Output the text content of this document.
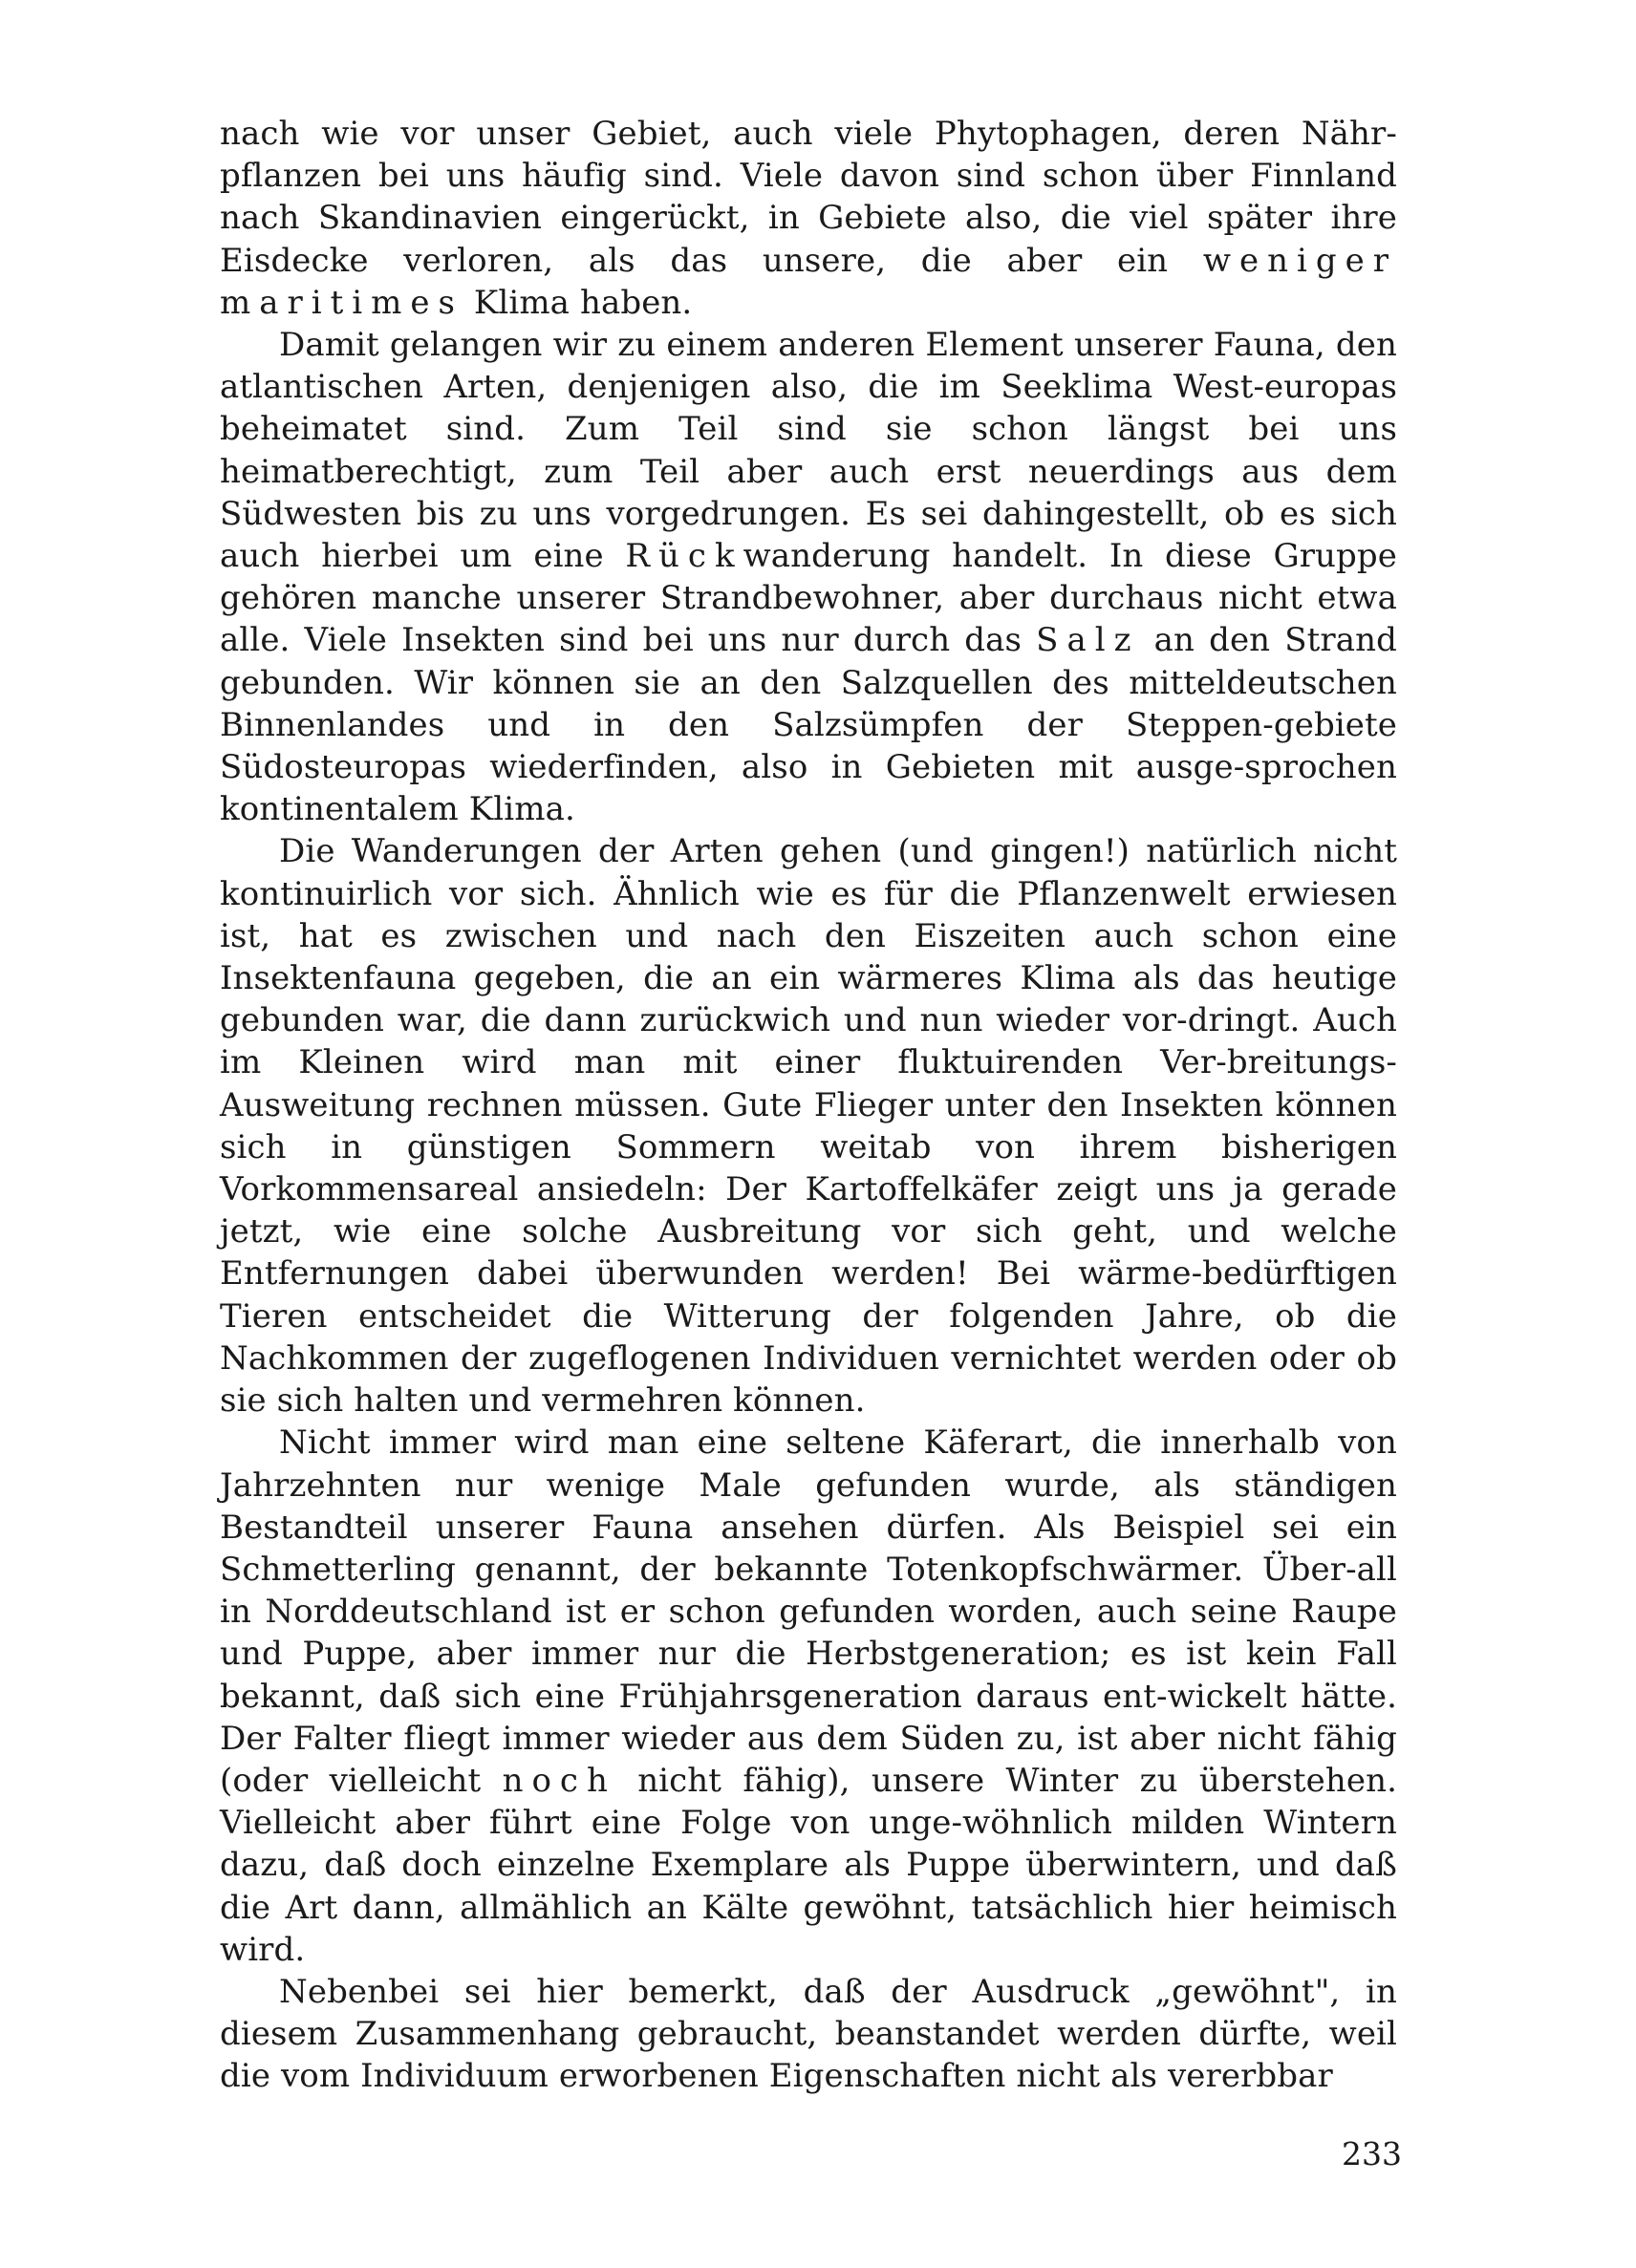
nach wie vor unser Gebiet, auch viele Phytophagen, deren Nähr-pflanzen bei uns häufig sind. Viele davon sind schon über Finnland nach Skandinavien eingerückt, in Gebiete also, die viel später ihre Eisdecke verloren, als das unsere, die aber ein weniger maritimes Klima haben.

Damit gelangen wir zu einem anderen Element unserer Fauna, den atlantischen Arten, denjenigen also, die im Seeklima West-europas beheimatet sind. Zum Teil sind sie schon längst bei uns heimatberechtigt, zum Teil aber auch erst neuerdings aus dem Südwesten bis zu uns vorgedrungen. Es sei dahingestellt, ob es sich auch hierbei um eine Rückwanderung handelt. In diese Gruppe gehören manche unserer Strandbewohner, aber durchaus nicht etwa alle. Viele Insekten sind bei uns nur durch das Salz an den Strand gebunden. Wir können sie an den Salzquellen des mitteldeutschen Binnenlandes und in den Salzsümpfen der Steppen-gebiete Südosteuropas wiederfinden, also in Gebieten mit ausge-sprochen kontinentalem Klima.

Die Wanderungen der Arten gehen (und gingen!) natürlich nicht kontinuirlich vor sich. Ähnlich wie es für die Pflanzenwelt erwiesen ist, hat es zwischen und nach den Eiszeiten auch schon eine Insektenfauna gegeben, die an ein wärmeres Klima als das heutige gebunden war, die dann zurückwich und nun wieder vor-dringt. Auch im Kleinen wird man mit einer fluktuirenden Ver-breitungs-Ausweitung rechnen müssen. Gute Flieger unter den Insekten können sich in günstigen Sommern weitab von ihrem bisherigen Vorkommensareal ansiedeln: Der Kartoffelkäfer zeigt uns ja gerade jetzt, wie eine solche Ausbreitung vor sich geht, und welche Entfernungen dabei überwunden werden! Bei wärme-bedürftigen Tieren entscheidet die Witterung der folgenden Jahre, ob die Nachkommen der zugeflogenen Individuen vernichtet werden oder ob sie sich halten und vermehren können.

Nicht immer wird man eine seltene Käferart, die innerhalb von Jahrzehnten nur wenige Male gefunden wurde, als ständigen Bestandteil unserer Fauna ansehen dürfen. Als Beispiel sei ein Schmetterling genannt, der bekannte Totenkopfschwärmer. Über-all in Norddeutschland ist er schon gefunden worden, auch seine Raupe und Puppe, aber immer nur die Herbstgeneration; es ist kein Fall bekannt, daß sich eine Frühjahrsgeneration daraus ent-wickelt hätte. Der Falter fliegt immer wieder aus dem Süden zu, ist aber nicht fähig (oder vielleicht noch nicht fähig), unsere Winter zu überstehen. Vielleicht aber führt eine Folge von unge-wöhnlich milden Wintern dazu, daß doch einzelne Exemplare als Puppe überwintern, und daß die Art dann, allmählich an Kälte gewöhnt, tatsächlich hier heimisch wird.

Nebenbei sei hier bemerkt, daß der Ausdruck „gewöhnt", in diesem Zusammenhang gebraucht, beanstandet werden dürfte, weil die vom Individuum erworbenen Eigenschaften nicht als vererbbar

233
